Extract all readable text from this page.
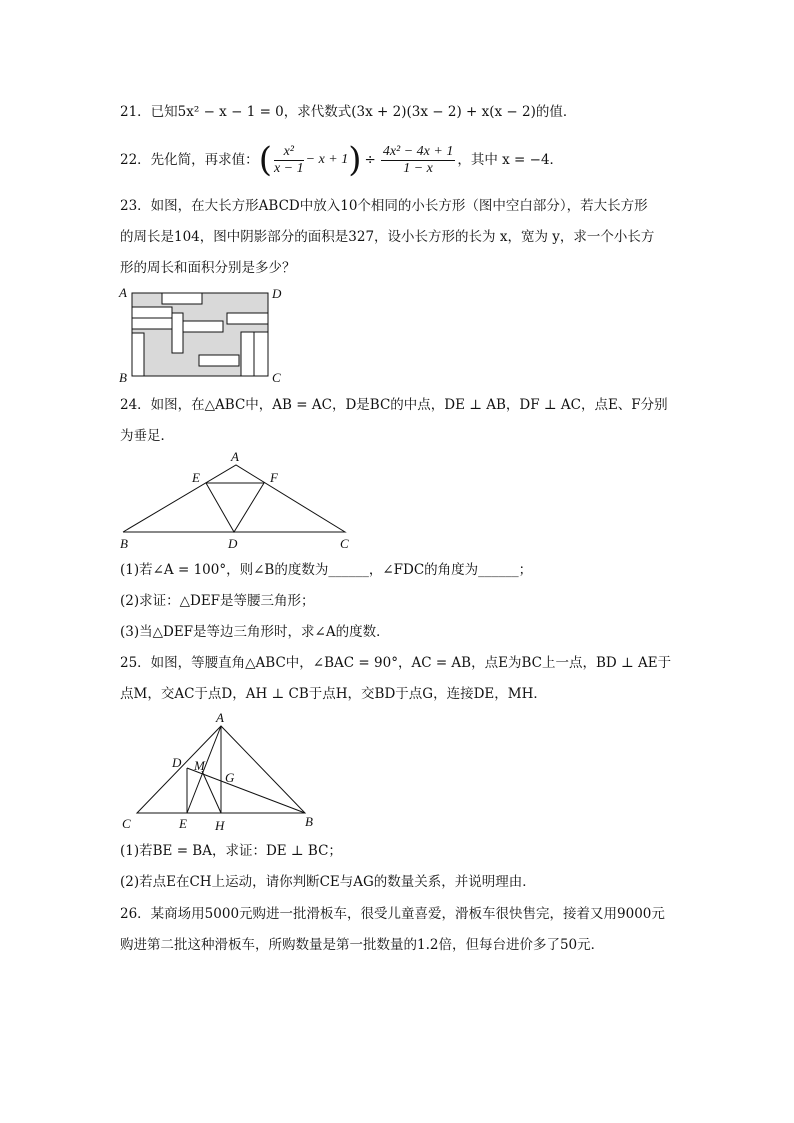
21．已知5x² − x − 1 = 0，求代数式(3x + 2)(3x − 2) + x(x − 2)的值．
22．先化简，再求值： ( $\frac{\text{x²}}{x - 1} - x + 1$ ) ÷ $\frac{\text{4x² − 4x + 1}}{1 - x}$ ，其中 x = −4．
23．如图，在大长方形ABCD中放入10个相同的小长方形（图中空白部分），若大长方形
的周长是104，图中阴影部分的面积是327，设小长方形的长为 x，宽为 y，求一个小长方
形的周长和面积分别是多少？
A	D
B	C
24．如图，在△ABC中，AB = AC，D是BC的中点，DE ⊥ AB，DF ⊥ AC，点E、F分别
为垂足．
A
E	F
B	D	C
(1)若∠A = 100°，则∠B的度数为______，∠FDC的角度为______；
(2)求证：△DEF是等腰三角形；
(3)当△DEF是等边三角形时，求∠A的度数．
25．如图，等腰直角△ABC中，∠BAC = 90°，AC = AB，点E为BC上一点，BD ⊥ AE于
点M，交AC于点D，AH ⊥ CB于点H，交BD于点G，连接DE，MH．
A
D M
G
C	E H	B
(1)若BE = BA，求证：DE ⊥ BC；
(2)若点E在CH上运动，请你判断CE与AG的数量关系，并说明理由．
26．某商场用5000元购进一批滑板车，很受儿童喜爱，滑板车很快售完，接着又用9000元
购进第二批这种滑板车，所购数量是第一批数量的1.2倍，但每台进价多了50元．
